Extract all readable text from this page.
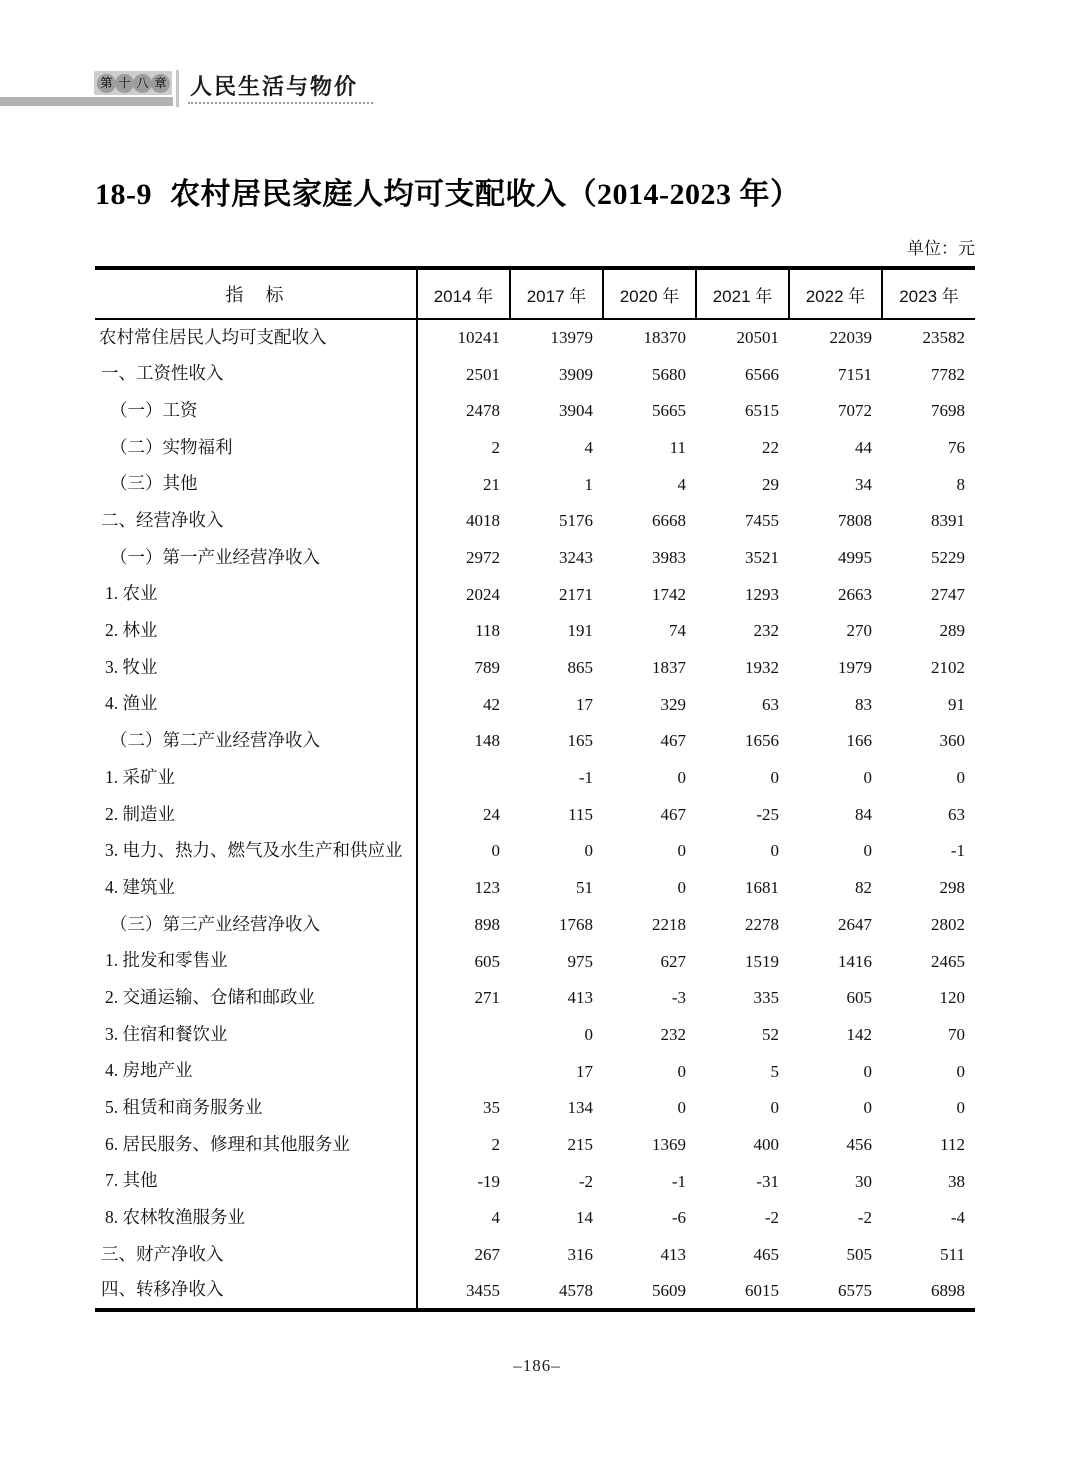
第 十 八 章 人民生活与物价
18-9 农村居民家庭人均可支配收入（2014-2023 年）
单位：元
指　标	2014 年	2017 年	2020 年	2021 年	2022 年	2023 年
农村常住居民人均可支配收入	10241	13979	18370	20501	22039	23582
一、工资性收入	2501	3909	5680	6566	7151	7782
（一）工资	2478	3904	5665	6515	7072	7698
（二）实物福利	2	4	11	22	44	76
（三）其他	21	1	4	29	34	8
二、经营净收入	4018	5176	6668	7455	7808	8391
（一）第一产业经营净收入	2972	3243	3983	3521	4995	5229
1. 农业	2024	2171	1742	1293	2663	2747
2. 林业	118	191	74	232	270	289
3. 牧业	789	865	1837	1932	1979	2102
4. 渔业	42	17	329	63	83	91
（二）第二产业经营净收入	148	165	467	1656	166	360
1. 采矿业		-1	0	0	0	0
2. 制造业	24	115	467	-25	84	63
3. 电力、热力、燃气及水生产和供应业	0	0	0	0	0	-1
4. 建筑业	123	51	0	1681	82	298
（三）第三产业经营净收入	898	1768	2218	2278	2647	2802
1. 批发和零售业	605	975	627	1519	1416	2465
2. 交通运输、仓储和邮政业	271	413	-3	335	605	120
3. 住宿和餐饮业		0	232	52	142	70
4. 房地产业		17	0	5	0	0
5. 租赁和商务服务业	35	134	0	0	0	0
6. 居民服务、修理和其他服务业	2	215	1369	400	456	112
7. 其他	-19	-2	-1	-31	30	38
8. 农林牧渔服务业	4	14	-6	-2	-2	-4
三、财产净收入	267	316	413	465	505	511
四、转移净收入	3455	4578	5609	6015	6575	6898
–186–
